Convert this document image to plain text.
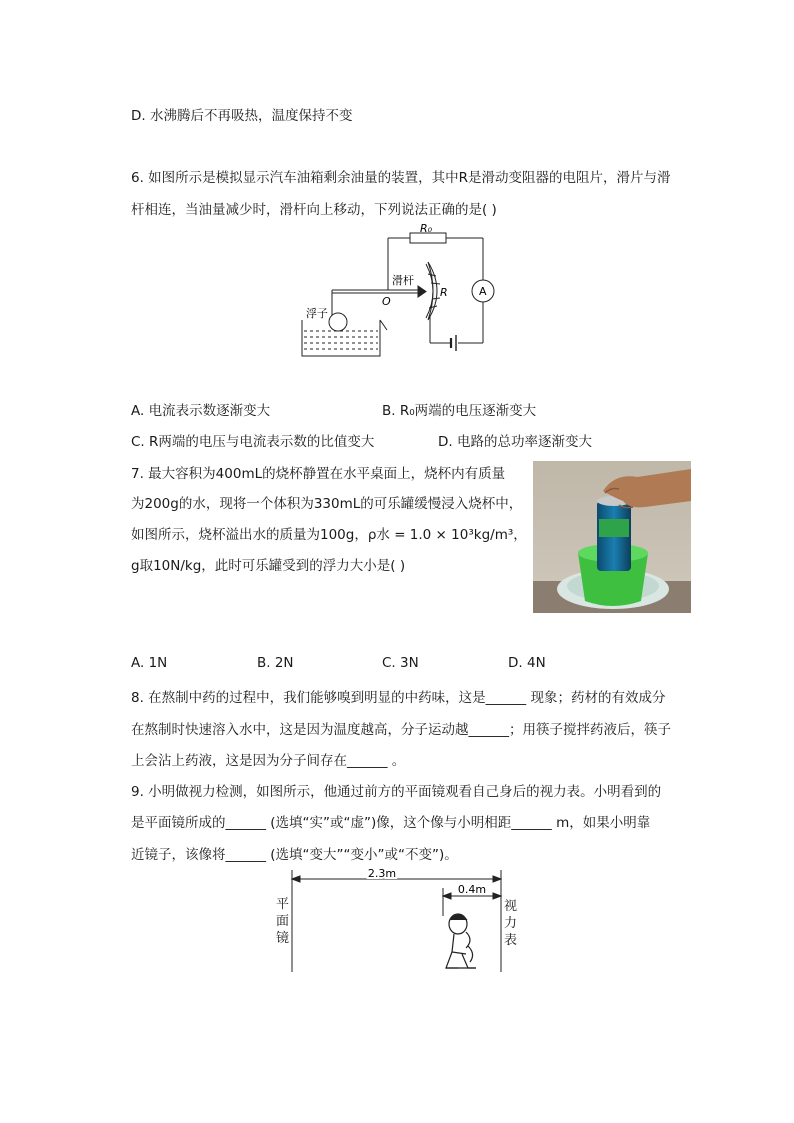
D. 水沸腾后不再吸热，温度保持不变
6. 如图所示是模拟显示汽车油箱剩余油量的装置，其中R是滑动变阻器的电阻片，滑片与滑
杆相连，当油量减少时，滑杆向上移动，下列说法正确的是( )
R₀
滑杆
O
R
浮子
A
A. 电流表示数逐渐变大	B. R₀两端的电压逐渐变大
C. R两端的电压与电流表示数的比值变大	D. 电路的总功率逐渐变大
7. 最大容积为400mL的烧杯静置在水平桌面上，烧杯内有质量
为200g的水，现将一个体积为330mL的可乐罐缓慢浸入烧杯中，
如图所示，烧杯溢出水的质量为100g，ρ水 = 1.0 × 10³kg/m³，
g取10N/kg，此时可乐罐受到的浮力大小是( )
A. 1N	B. 2N	C. 3N	D. 4N
8. 在熬制中药的过程中，我们能够嗅到明显的中药味，这是______ 现象；药材的有效成分
在熬制时快速溶入水中，这是因为温度越高，分子运动越______；用筷子搅拌药液后，筷子
上会沾上药液，这是因为分子间存在______ 。
9. 小明做视力检测，如图所示，他通过前方的平面镜观看自己身后的视力表。小明看到的
是平面镜所成的______ (选填“实”或“虚”)像，这个像与小明相距______ m，如果小明靠
近镜子，该像将______ (选填“变大”“变小”或“不变”)。
2.3m
0.4m
平面镜
视力表
